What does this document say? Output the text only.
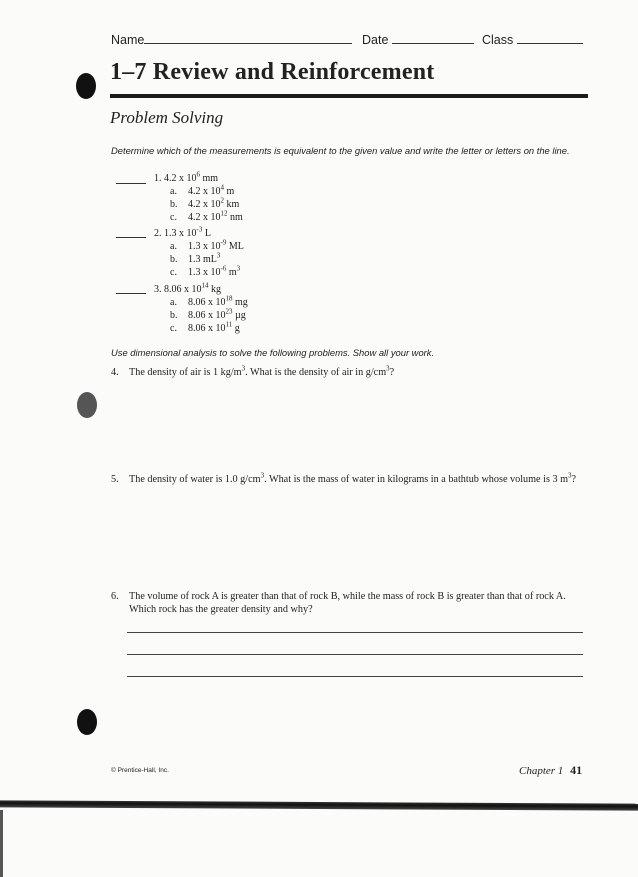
Name	Date	Class
1–7 Review and Reinforcement
Problem Solving
Determine which of the measurements is equivalent to the given value and write the letter or letters on the line.
1. 4.2 x $10^6$ mm
a. 4.2 x $10^4$ m
b. 4.2 x $10^2$ km
c. 4.2 x $10^{12}$ nm
2. 1.3 x $10^{-3}$ L
a. 1.3 x $10^{-9}$ ML
b. 1.3 $mL^3$
c. 1.3 x $10^{-6}$ $m^3$
3. 8.06 x $10^{14}$ kg
a. 8.06 x $10^{18}$ mg
b. 8.06 x $10^{23}$ µg
c. 8.06 x $10^{11}$ g
Use dimensional analysis to solve the following problems. Show all your work.
4. The density of air is 1 $kg/m^3$. What is the density of air in $g/cm^3$?
5. The density of water is 1.0 $g/cm^3$. What is the mass of water in kilograms in a bathtub whose volume is 3 $m^3$?
6. The volume of rock A is greater than that of rock B, while the mass of rock B is greater than that of rock A. Which rock has the greater density and why?
© Prentice-Hall, Inc.	Chapter 1 41
